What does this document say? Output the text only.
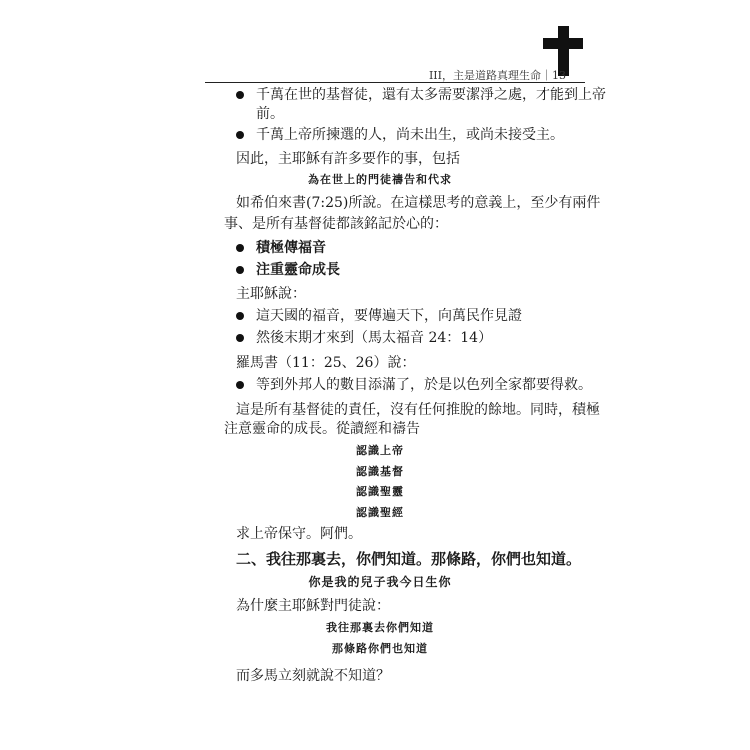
III，主是道路真理生命｜13
千萬在世的基督徒，還有太多需要潔淨之處，才能到上帝
前。
千萬上帝所揀選的人，尚未出生，或尚未接受主。
因此，主耶穌有許多要作的事，包括
為在世上的門徒禱告和代求
如希伯來書(7:25)所說。在這樣思考的意義上，至少有兩件
事、是所有基督徒都該銘記於心的：
積極傳福音
注重靈命成長
主耶穌說：
這天國的福音，要傳遍天下，向萬民作見證
然後末期才來到（馬太福音 24：14）
羅馬書（11：25、26）說：
等到外邦人的數目添滿了，於是以色列全家都要得救。
這是所有基督徒的責任，沒有任何推脫的餘地。同時，積極
注意靈命的成長。從讀經和禱告
認識上帝
認識基督
認識聖靈
認識聖經
求上帝保守。阿們。
二、我往那裏去，你們知道。那條路，你們也知道。
你是我的兒子我今日生你
為什麼主耶穌對門徒說：
我往那裏去你們知道
那條路你們也知道
而多馬立刻就說不知道？
